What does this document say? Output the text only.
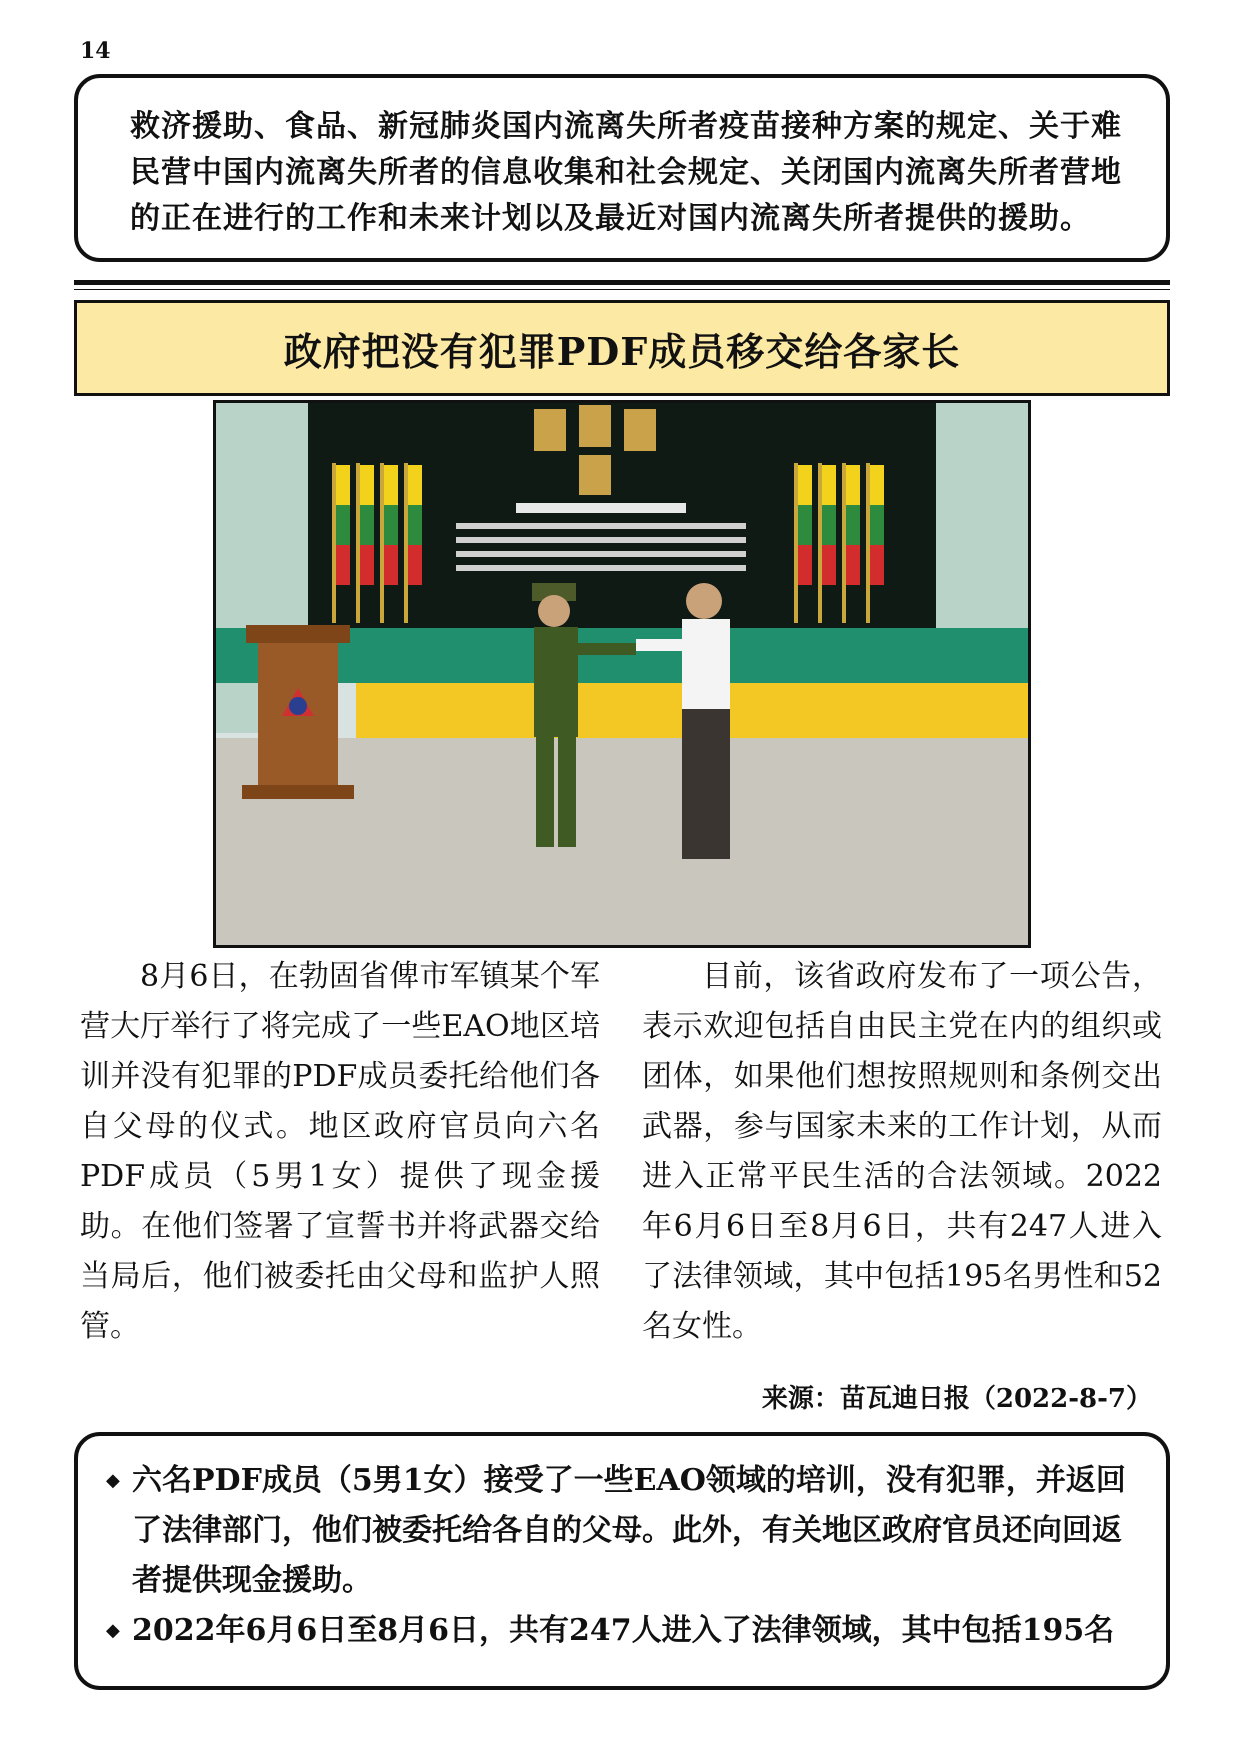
14

救济援助、食品、新冠肺炎国内流离失所者疫苗接种方案的规定、关于难民营中国内流离失所者的信息收集和社会规定、关闭国内流离失所者营地的正在进行的工作和未来计划以及最近对国内流离失所者提供的援助。

政府把没有犯罪PDF成员移交给各家长

8月6日，在勃固省俾市军镇某个军营大厅举行了将完成了一些EAO地区培训并没有犯罪的PDF成员委托给他们各自父母的仪式。地区政府官员向六名PDF成员（5男1女）提供了现金援助。在他们签署了宣誓书并将武器交给当局后，他们被委托由父母和监护人照管。

目前，该省政府发布了一项公告，表示欢迎包括自由民主党在内的组织或团体，如果他们想按照规则和条例交出武器，参与国家未来的工作计划，从而进入正常平民生活的合法领域。2022年6月6日至8月6日，共有247人进入了法律领域，其中包括195名男性和52名女性。

来源：苗瓦迪日报（2022-8-7）
◆ 六名PDF成员（5男1女）接受了一些EAO领域的培训，没有犯罪，并返回了法律部门，他们被委托给各自的父母。此外，有关地区政府官员还向回返者提供现金援助。
◆ 2022年6月6日至8月6日，共有247人进入了法律领域，其中包括195名
